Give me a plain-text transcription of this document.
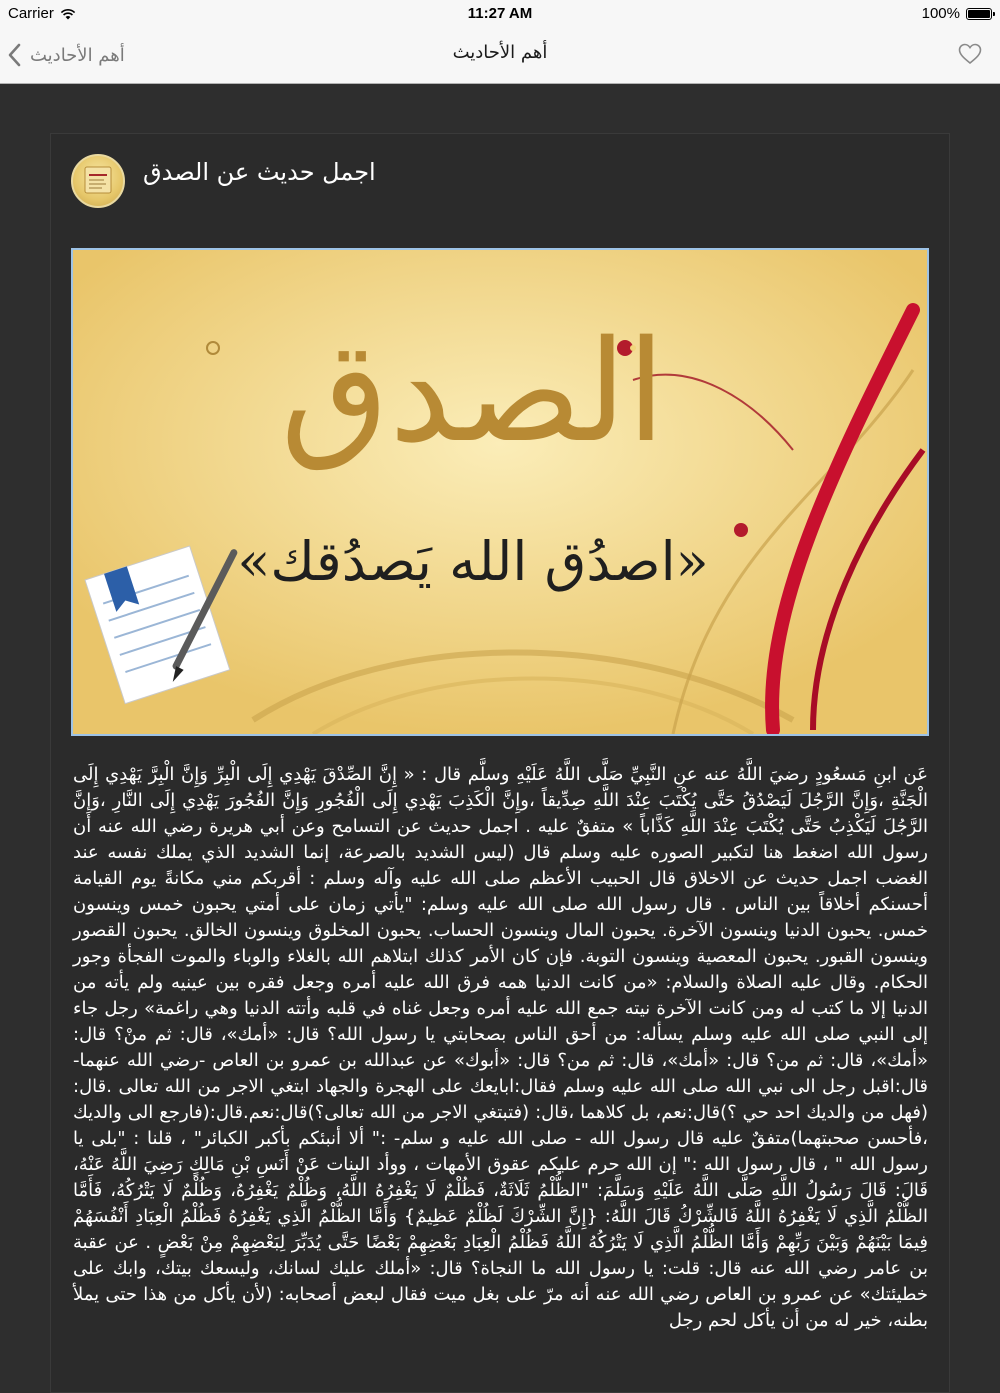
Carrier	11:27 AM	100%
أهم الأحاديث	أهم الأحاديث
اجمل حديث عن الصدق
الصدق
«اصدُق الله يَصدُقك»
عَن ابنِ مَسعُودٍ رضيَ اللَّهُ عنه عنِ النَّبِيِّ صَلَّى اللَّهُ عَلَيْهِ وسلَّم قال : « إِنَّ الصِّدْقَ يَهْدِي إِلَى الْبِرِّ وَإِنَّ الْبِرَّ يَهْدِي إِلَى الْجَنَّةِ ،وَإِنَّ الرَّجُلَ لَيَصْدُقُ حَتَّى يُكْتَبَ عِنْدَ اللَّهِ صِدِّيقاً ،وإِنَّ الْكَذِبَ يَهْدِي إِلَى الْفُجُورِ وَإِنَّ الفُجُورَ يَهْدِي إِلَى النَّارِ ،وَإِنَّ الرَّجُلَ لَيَكْذِبُ حَتَّى يُكْتَبَ عِنْدَ اللَّهِ كَذَّاباً » متفقٌ عليه . اجمل حديث عن التسامح وعن أبي هريرة رضي الله عنه أن رسول الله اضغط هنا لتكبير الصوره عليه وسلم قال (ليس الشديد بالصرعة، إنما الشديد الذي يملك نفسه عند الغضب اجمل حديث عن الاخلاق قال الحبيب الأعظم صلى الله عليه وآله وسلم : أقربكم مني مكانةً يوم القيامة أحسنكم أخلاقاً بين الناس . قال رسول الله صلى الله عليه وسلم: "يأتي زمان على أمتي يحبون خمس وينسون خمس. يحبون الدنيا وينسون الآخرة. يحبون المال وينسون الحساب. يحبون المخلوق وينسون الخالق. يحبون القصور وينسون القبور. يحبون المعصية وينسون التوبة. فإن كان الأمر كذلك ابتلاهم الله بالغلاء والوباء والموت الفجأة وجور الحكام. وقال عليه الصلاة والسلام: «من كانت الدنيا همه فرق الله عليه أمره وجعل فقره بين عينيه ولم يأته من الدنيا إلا ما كتب له ومن كانت الآخرة نيته جمع الله عليه أمره وجعل غناه في قلبه وأتته الدنيا وهي راغمة» رجل جاء إلى النبي صلى الله عليه وسلم يسأله: من أحق الناس بصحابتي يا رسول الله؟ قال: «أمك»، قال: ثم منْ؟ قال: «أمك»، قال: ثم من؟ قال: «أمك»، قال: ثم من؟ قال: «أبوك» عن عبدالله بن عمرو بن العاص -رضي الله عنهما-قال:اقبل رجل الى نبي الله صلى الله عليه وسلم فقال:ابايعك على الهجرة والجهاد ابتغي الاجر من الله تعالى .قال:(فهل من والديك احد حي ؟)قال:نعم، بل كلاهما ،قال: (فتبتغي الاجر من الله تعالى؟)قال:نعم.قال:(فارجع الى والديك ،فأحسن صحبتهما)متفقٌ عليه قال رسول الله - صلى الله عليه و سلم- :" ألا أنبئكم بأكبر الكبائر" ، قلنا : "بلى يا رسول الله " ، قال رسول الله :" إن الله حرم عليكم عقوق الأمهات ، ووأد البنات عَنْ أَنَسِ بْنِ مَالِكٍ رَضِيَ اللَّهُ عَنْهُ، قَالَ: قَالَ رَسُولُ اللَّهِ صَلَّى اللَّهُ عَلَيْهِ وَسَلَّمَ: "الظُّلْمُ ثَلَاثَةٌ، فَظُلْمٌ لَا يَغْفِرُهُ اللَّهُ، وَظُلْمٌ يَغْفِرُهُ، وَظُلْمٌ لَا يَتْرُكُهُ، فَأَمَّا الظُّلْمُ الَّذِي لَا يَغْفِرُهُ اللَّهُ فَالشِّرْكُ قَالَ اللَّهُ: {إِنَّ الشِّرْكَ لَظُلْمٌ عَظِيمٌ} وَأَمَّا الظُّلْمُ الَّذِي يَغْفِرُهُ فَظُلْمُ الْعِبَادِ أَنْفُسَهُمْ فِيمَا بَيْنَهُمْ وَبَيْنَ رَبِّهِمْ وَأَمَّا الظُّلْمُ الَّذِي لَا يَتْرُكُهُ اللَّهُ فَظُلْمُ الْعِبَادِ بَعْضِهِمْ بَعْضًا حَتَّى يُدَبِّرَ لِبَعْضِهِمْ مِنْ بَعْضٍ . عن عقبة بن عامر رضي الله عنه قال: قلت: يا رسول الله ما النجاة؟ قال: «أملك عليك لسانك، وليسعك بيتك، وابك على خطيئتك» عن عمرو بن العاص رضي الله عنه أنه مرّ على بغل ميت فقال لبعض أصحابه: (لأن يأكل من هذا حتى يملأ بطنه، خير له من أن يأكل لحم رجل
